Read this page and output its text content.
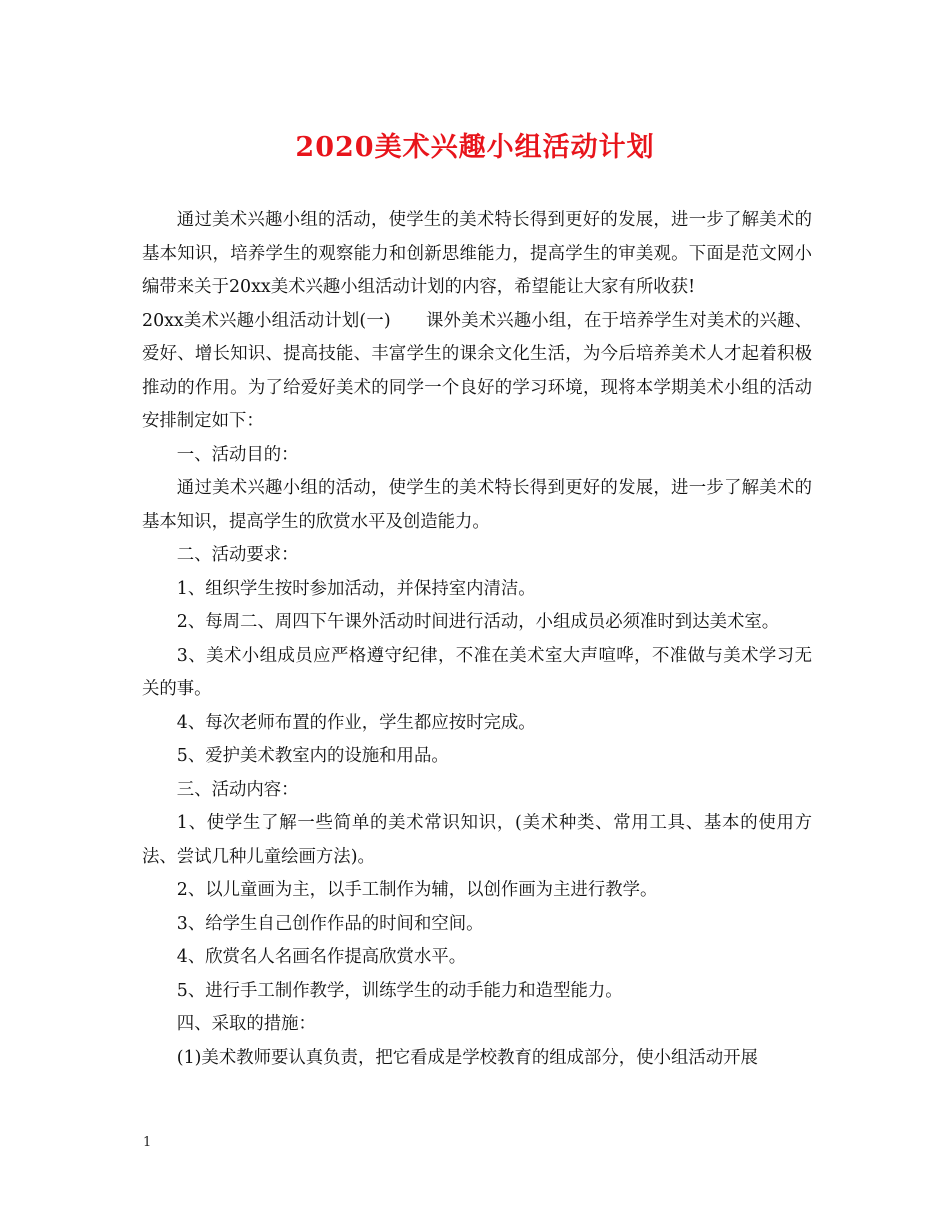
2020美术兴趣小组活动计划

通过美术兴趣小组的活动，使学生的美术特长得到更好的发展，进一步了解美术的基本知识，培养学生的观察能力和创新思维能力，提高学生的审美观。下面是范文网小编带来关于20xx美术兴趣小组活动计划的内容，希望能让大家有所收获!

20xx美术兴趣小组活动计划(一)　　课外美术兴趣小组，在于培养学生对美术的兴趣、爱好、增长知识、提高技能、丰富学生的课余文化生活，为今后培养美术人才起着积极推动的作用。为了给爱好美术的同学一个良好的学习环境，现将本学期美术小组的活动安排制定如下：

一、活动目的：

通过美术兴趣小组的活动，使学生的美术特长得到更好的发展，进一步了解美术的基本知识，提高学生的欣赏水平及创造能力。

二、活动要求：

1、组织学生按时参加活动，并保持室内清洁。

2、每周二、周四下午课外活动时间进行活动，小组成员必须准时到达美术室。

3、美术小组成员应严格遵守纪律，不准在美术室大声喧哗，不准做与美术学习无关的事。

4、每次老师布置的作业，学生都应按时完成。

5、爱护美术教室内的设施和用品。

三、活动内容：

1、使学生了解一些简单的美术常识知识，(美术种类、常用工具、基本的使用方法、尝试几种儿童绘画方法)。

2、以儿童画为主，以手工制作为辅，以创作画为主进行教学。

3、给学生自己创作作品的时间和空间。

4、欣赏名人名画名作提高欣赏水平。

5、进行手工制作教学，训练学生的动手能力和造型能力。

四、采取的措施：

(1)美术教师要认真负责，把它看成是学校教育的组成部分，使小组活动开展

1
